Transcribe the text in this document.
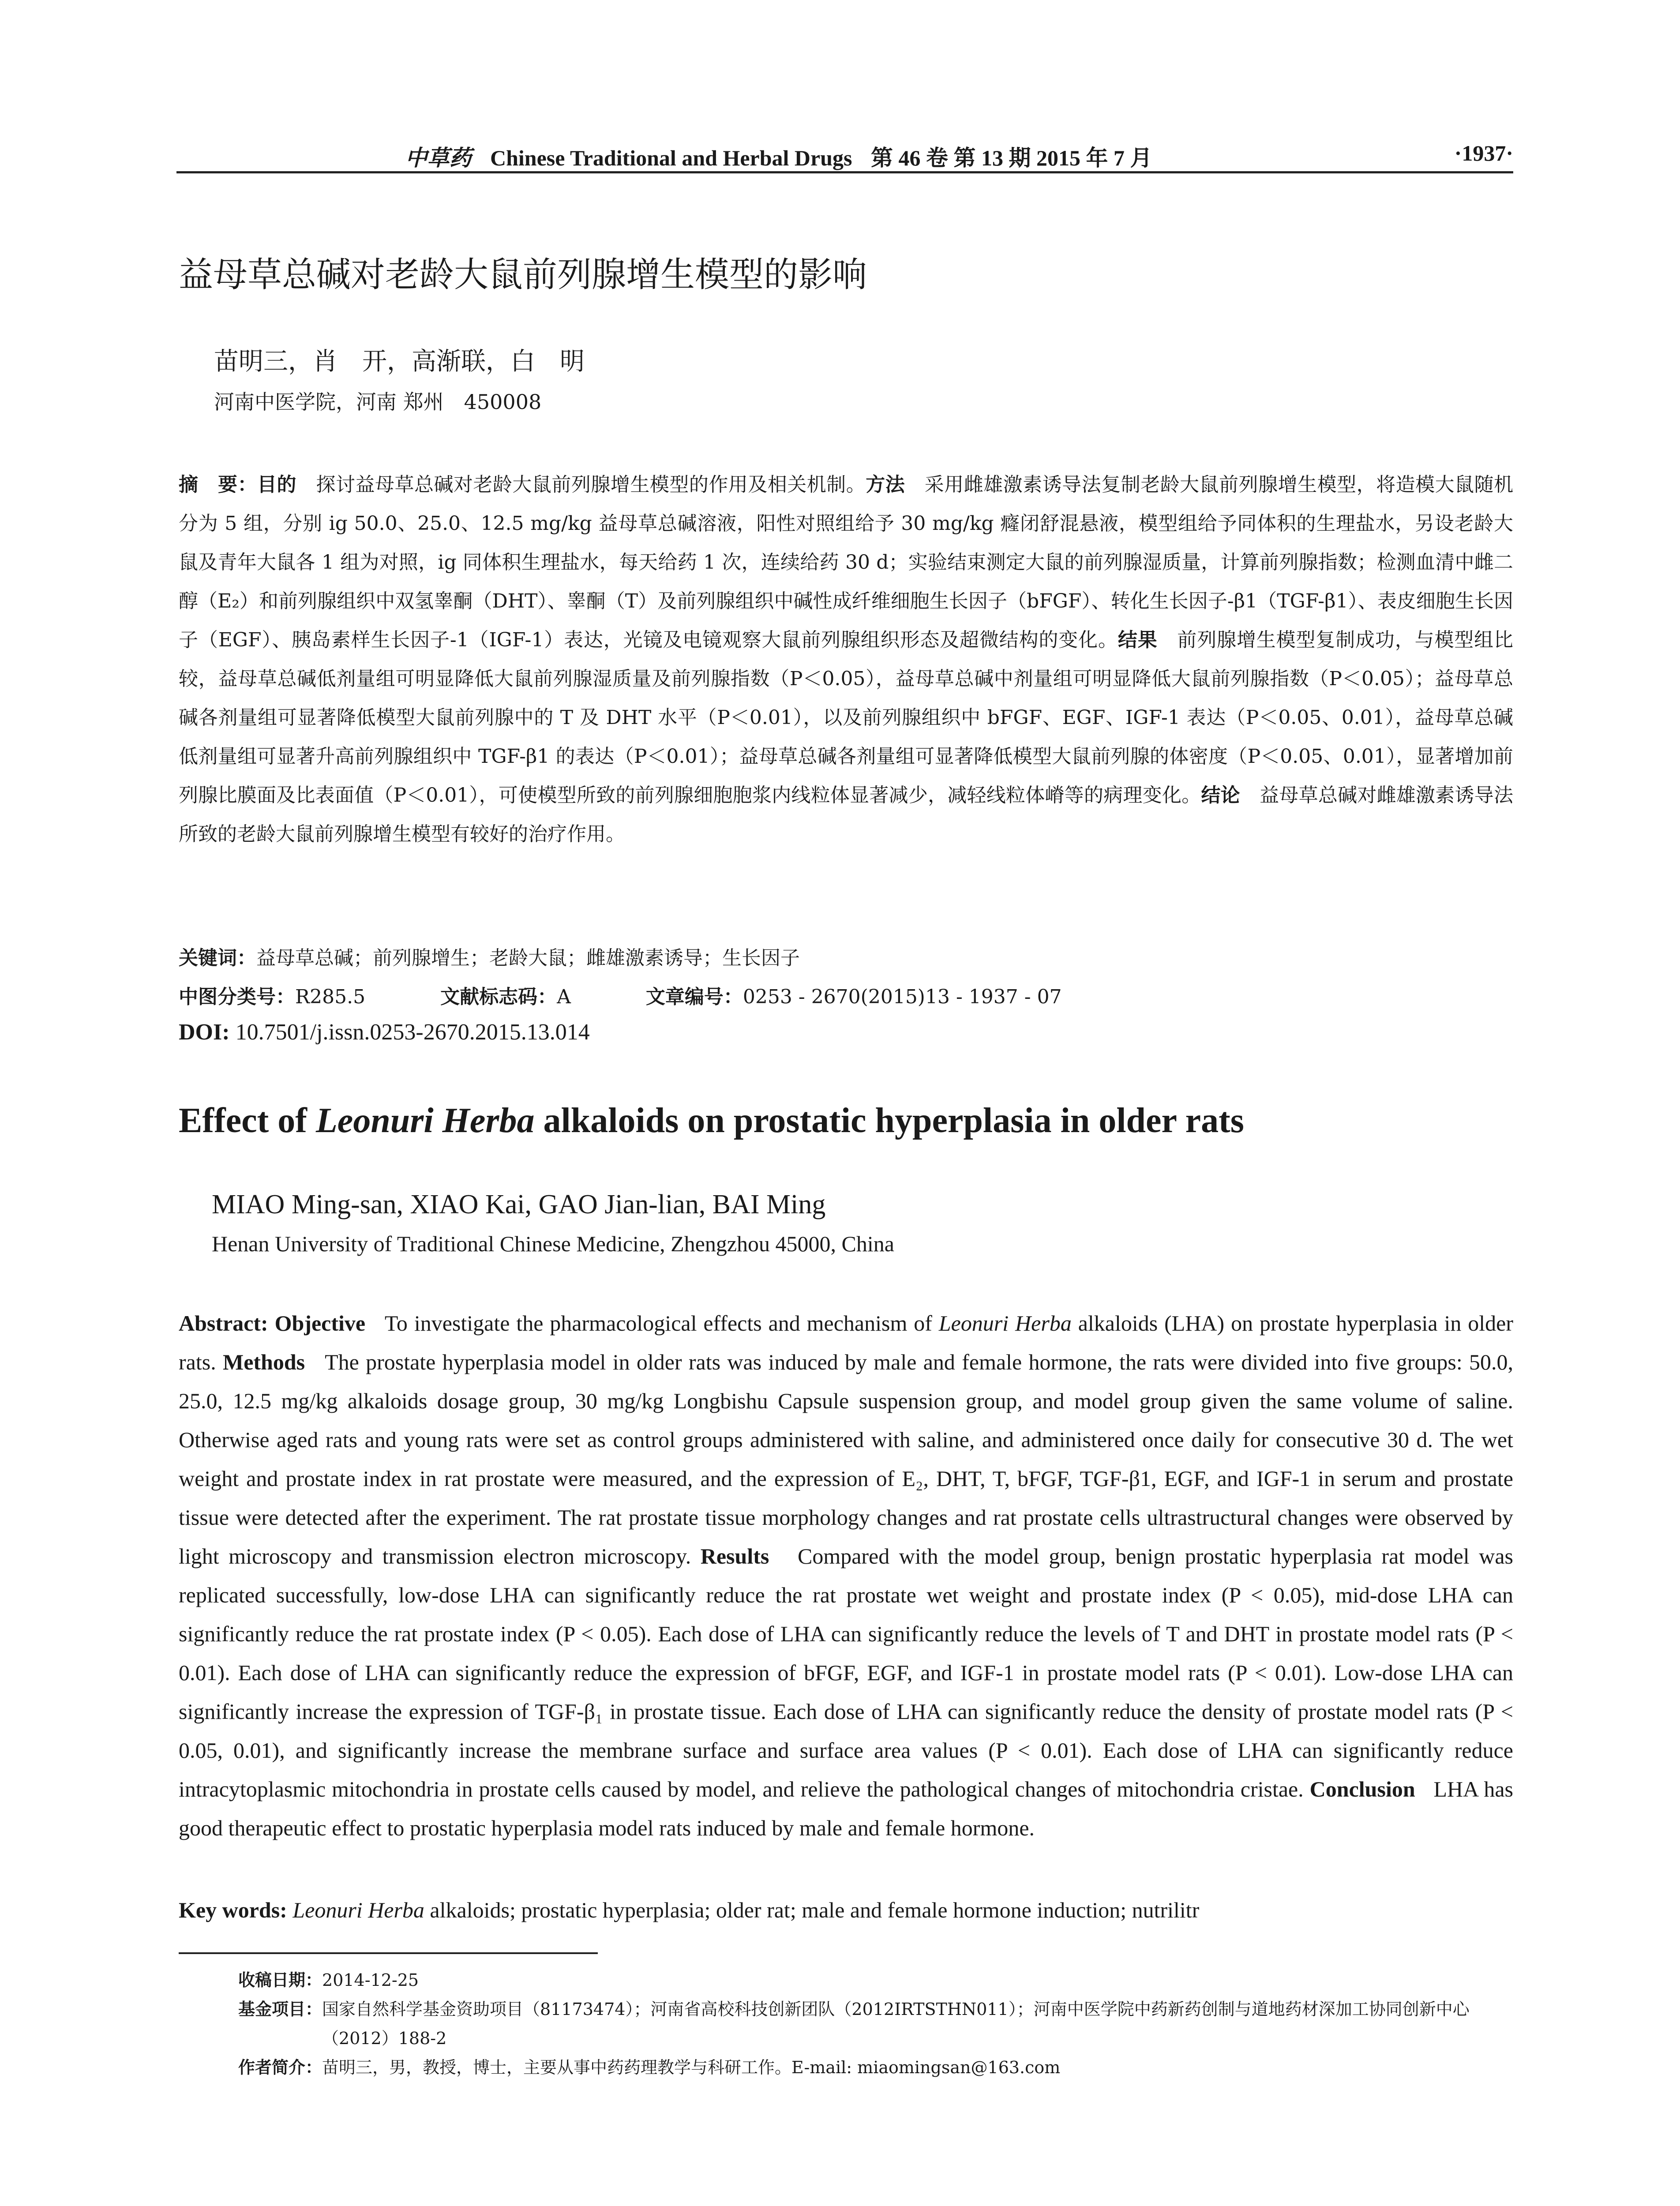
中草药 Chinese Traditional and Herbal Drugs 第 46 卷 第 13 期 2015 年 7 月	·1937·
益母草总碱对老龄大鼠前列腺增生模型的影响
苗明三，肖　开，高渐联，白　明
河南中医学院，河南 郑州　450008
摘　要：目的　 探讨益母草总碱对老龄大鼠前列腺增生模型的作用及相关机制。方法　 采用雌雄激素诱导法复制老龄大鼠前列腺增生模型，将造模大鼠随机分为 5 组，分别 ig 50.0、25.0、12.5 mg/kg 益母草总碱溶液，阳性对照组给予 30 mg/kg 癃闭舒混悬液，模型组给予同体积的生理盐水，另设老龄大鼠及青年大鼠各 1 组为对照，ig 同体积生理盐水，每天给药 1 次，连续给药 30 d；实验结束测定大鼠的前列腺湿质量，计算前列腺指数；检测血清中雌二醇（E₂）和前列腺组织中双氢睾酮（DHT）、睾酮（T）及前列腺组织中碱性成纤维细胞生长因子（bFGF）、转化生长因子-β1（TGF-β1）、表皮细胞生长因子（EGF）、胰岛素样生长因子-1（IGF-1）表达，光镜及电镜观察大鼠前列腺组织形态及超微结构的变化。结果　 前列腺增生模型复制成功，与模型组比较，益母草总碱低剂量组可明显降低大鼠前列腺湿质量及前列腺指数（P＜0.05），益母草总碱中剂量组可明显降低大鼠前列腺指数（P＜0.05）；益母草总碱各剂量组可显著降低模型大鼠前列腺中的 T 及 DHT 水平（P＜0.01），以及前列腺组织中 bFGF、EGF、IGF-1 表达（P＜0.05、0.01），益母草总碱低剂量组可显著升高前列腺组织中 TGF-β1 的表达（P＜0.01）；益母草总碱各剂量组可显著降低模型大鼠前列腺的体密度（P＜0.05、0.01），显著增加前列腺比膜面及比表面值（P＜0.01），可使模型所致的前列腺细胞胞浆内线粒体显著减少，减轻线粒体嵴等的病理变化。结论　 益母草总碱对雌雄激素诱导法所致的老龄大鼠前列腺增生模型有较好的治疗作用。
关键词：益母草总碱；前列腺增生；老龄大鼠；雌雄激素诱导；生长因子
中图分类号：R285.5	文献标志码：A	文章编号：0253 - 2670(2015)13 - 1937 - 07
DOI: 10.7501/j.issn.0253-2670.2015.13.014
Effect of Leonuri Herba alkaloids on prostatic hyperplasia in older rats
MIAO Ming-san, XIAO Kai, GAO Jian-lian, BAI Ming
Henan University of Traditional Chinese Medicine, Zhengzhou 45000, China
Abstract: Objective To investigate the pharmacological effects and mechanism of Leonuri Herba alkaloids (LHA) on prostate hyperplasia in older rats. Methods The prostate hyperplasia model in older rats was induced by male and female hormone, the rats were divided into five groups: 50.0, 25.0, 12.5 mg/kg alkaloids dosage group, 30 mg/kg Longbishu Capsule suspension group, and model group given the same volume of saline. Otherwise aged rats and young rats were set as control groups administered with saline, and administered once daily for consecutive 30 d. The wet weight and prostate index in rat prostate were measured, and the expression of E₂, DHT, T, bFGF, TGF-β1, EGF, and IGF-1 in serum and prostate tissue were detected after the experiment. The rat prostate tissue morphology changes and rat prostate cells ultrastructural changes were observed by light microscopy and transmission electron microscopy. Results Compared with the model group, benign prostatic hyperplasia rat model was replicated successfully, low-dose LHA can significantly reduce the rat prostate wet weight and prostate index (P < 0.05), mid-dose LHA can significantly reduce the rat prostate index (P < 0.05). Each dose of LHA can significantly reduce the levels of T and DHT in prostate model rats (P < 0.01). Each dose of LHA can significantly reduce the expression of bFGF, EGF, and IGF-1 in prostate model rats (P < 0.01). Low-dose LHA can significantly increase the expression of TGF-β₁ in prostate tissue. Each dose of LHA can significantly reduce the density of prostate model rats (P < 0.05, 0.01), and significantly increase the membrane surface and surface area values (P < 0.01). Each dose of LHA can significantly reduce intracytoplasmic mitochondria in prostate cells caused by model, and relieve the pathological changes of mitochondria cristae. Conclusion LHA has good therapeutic effect to prostatic hyperplasia model rats induced by male and female hormone.
Key words: Leonuri Herba alkaloids; prostatic hyperplasia; older rat; male and female hormone induction; nutrilitr
收稿日期： 2014-12-25
基金项目： 国家自然科学基金资助项目（81173474）；河南省高校科技创新团队（2012IRTSTHN011）；河南中医学院中药新药创制与道地药材深加工协同创新中心（2012）188-2
作者简介： 苗明三，男，教授，博士，主要从事中药药理教学与科研工作。E-mail: miaomingsan@163.com
